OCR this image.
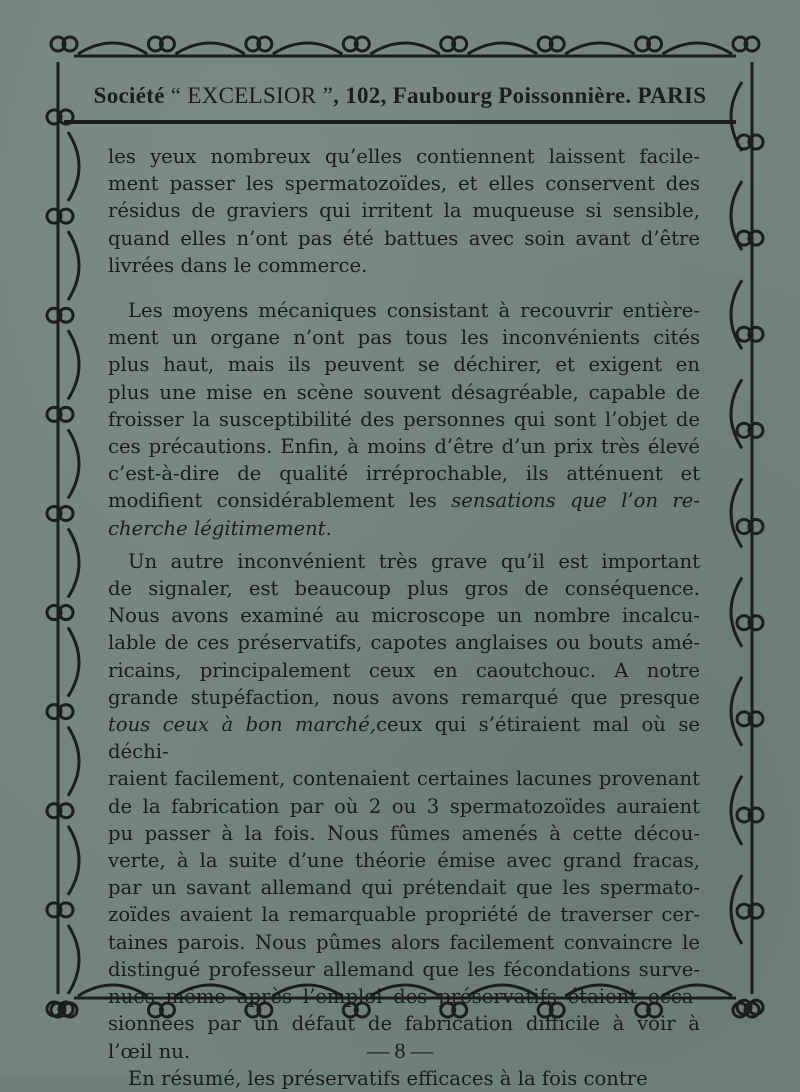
Société “ EXCELSIOR ”, 102, Faubourg Poissonnière. PARIS

les yeux nombreux qu’elles contiennent laissent facile-

ment passer les spermatozoïdes, et elles conservent des

résidus de graviers qui irritent la muqueuse si sensible,

quand elles n’ont pas été battues avec soin avant d’être

livrées dans le commerce.

Les moyens mécaniques consistant à recouvrir entière-

ment un organe n’ont pas tous les inconvénients cités

plus haut, mais ils peuvent se déchirer, et exigent en

plus une mise en scène souvent désagréable, capable de

froisser la susceptibilité des personnes qui sont l’objet de

ces précautions. Enfin, à moins d’être d’un prix très élevé

c’est-à-dire de qualité irréprochable, ils atténuent et

modifient considérablement les sensations que l’on re-

cherche légitimement.

Un autre inconvénient très grave qu’il est important

de signaler, est beaucoup plus gros de conséquence.

Nous avons examiné au microscope un nombre incalcu-

lable de ces préservatifs, capotes anglaises ou bouts amé-

ricains, principalement ceux en caoutchouc. A notre

grande stupéfaction, nous avons remarqué que presque

tous ceux à bon marché,ceux qui s’étiraient mal où se déchi-

raient facilement, contenaient certaines lacunes provenant

de la fabrication par où 2 ou 3 spermatozoïdes auraient

pu passer à la fois. Nous fûmes amenés à cette décou-

verte, à la suite d’une théorie émise avec grand fracas,

par un savant allemand qui prétendait que les spermato-

zoïdes avaient la remarquable propriété de traverser cer-

taines parois. Nous pûmes alors facilement convaincre le

distingué professeur allemand que les fécondations surve-

nues même après l’emploi des préservatifs étaient occa-

sionnées par un défaut de fabrication difficile à voir à

l’œil nu.

En résumé, les préservatifs efficaces à la fois contre

— 8 —
